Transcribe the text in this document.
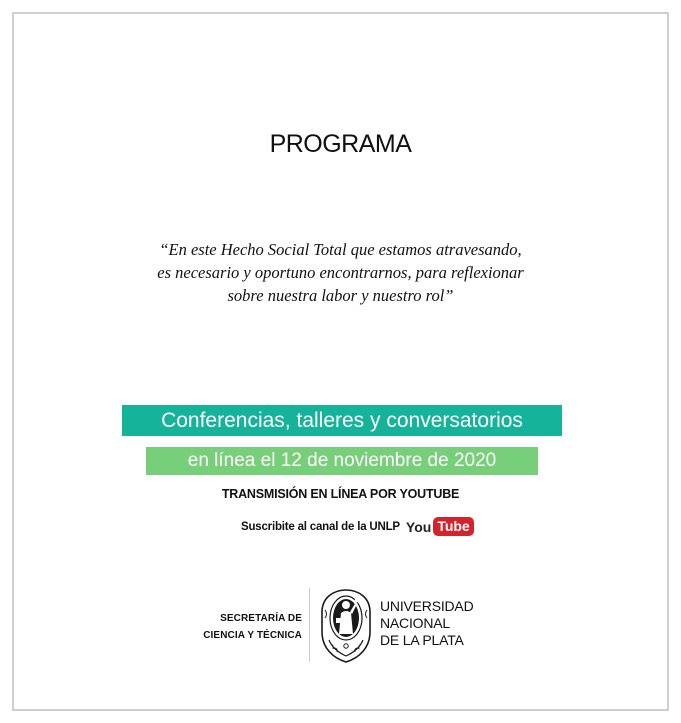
PROGRAMA
“En este Hecho Social Total que estamos atravesando,
es necesario y oportuno encontrarnos, para reflexionar
sobre nuestra labor y nuestro rol”
Conferencias, talleres y conversatorios
en línea el 12 de noviembre de 2020
TRANSMISIÓN EN LÍNEA POR YOUTUBE
Suscribite al canal de la UNLP You Tube
SECRETARÍA DE
CIENCIA Y TÉCNICA
UNIVERSIDAD
NACIONAL
DE LA PLATA
